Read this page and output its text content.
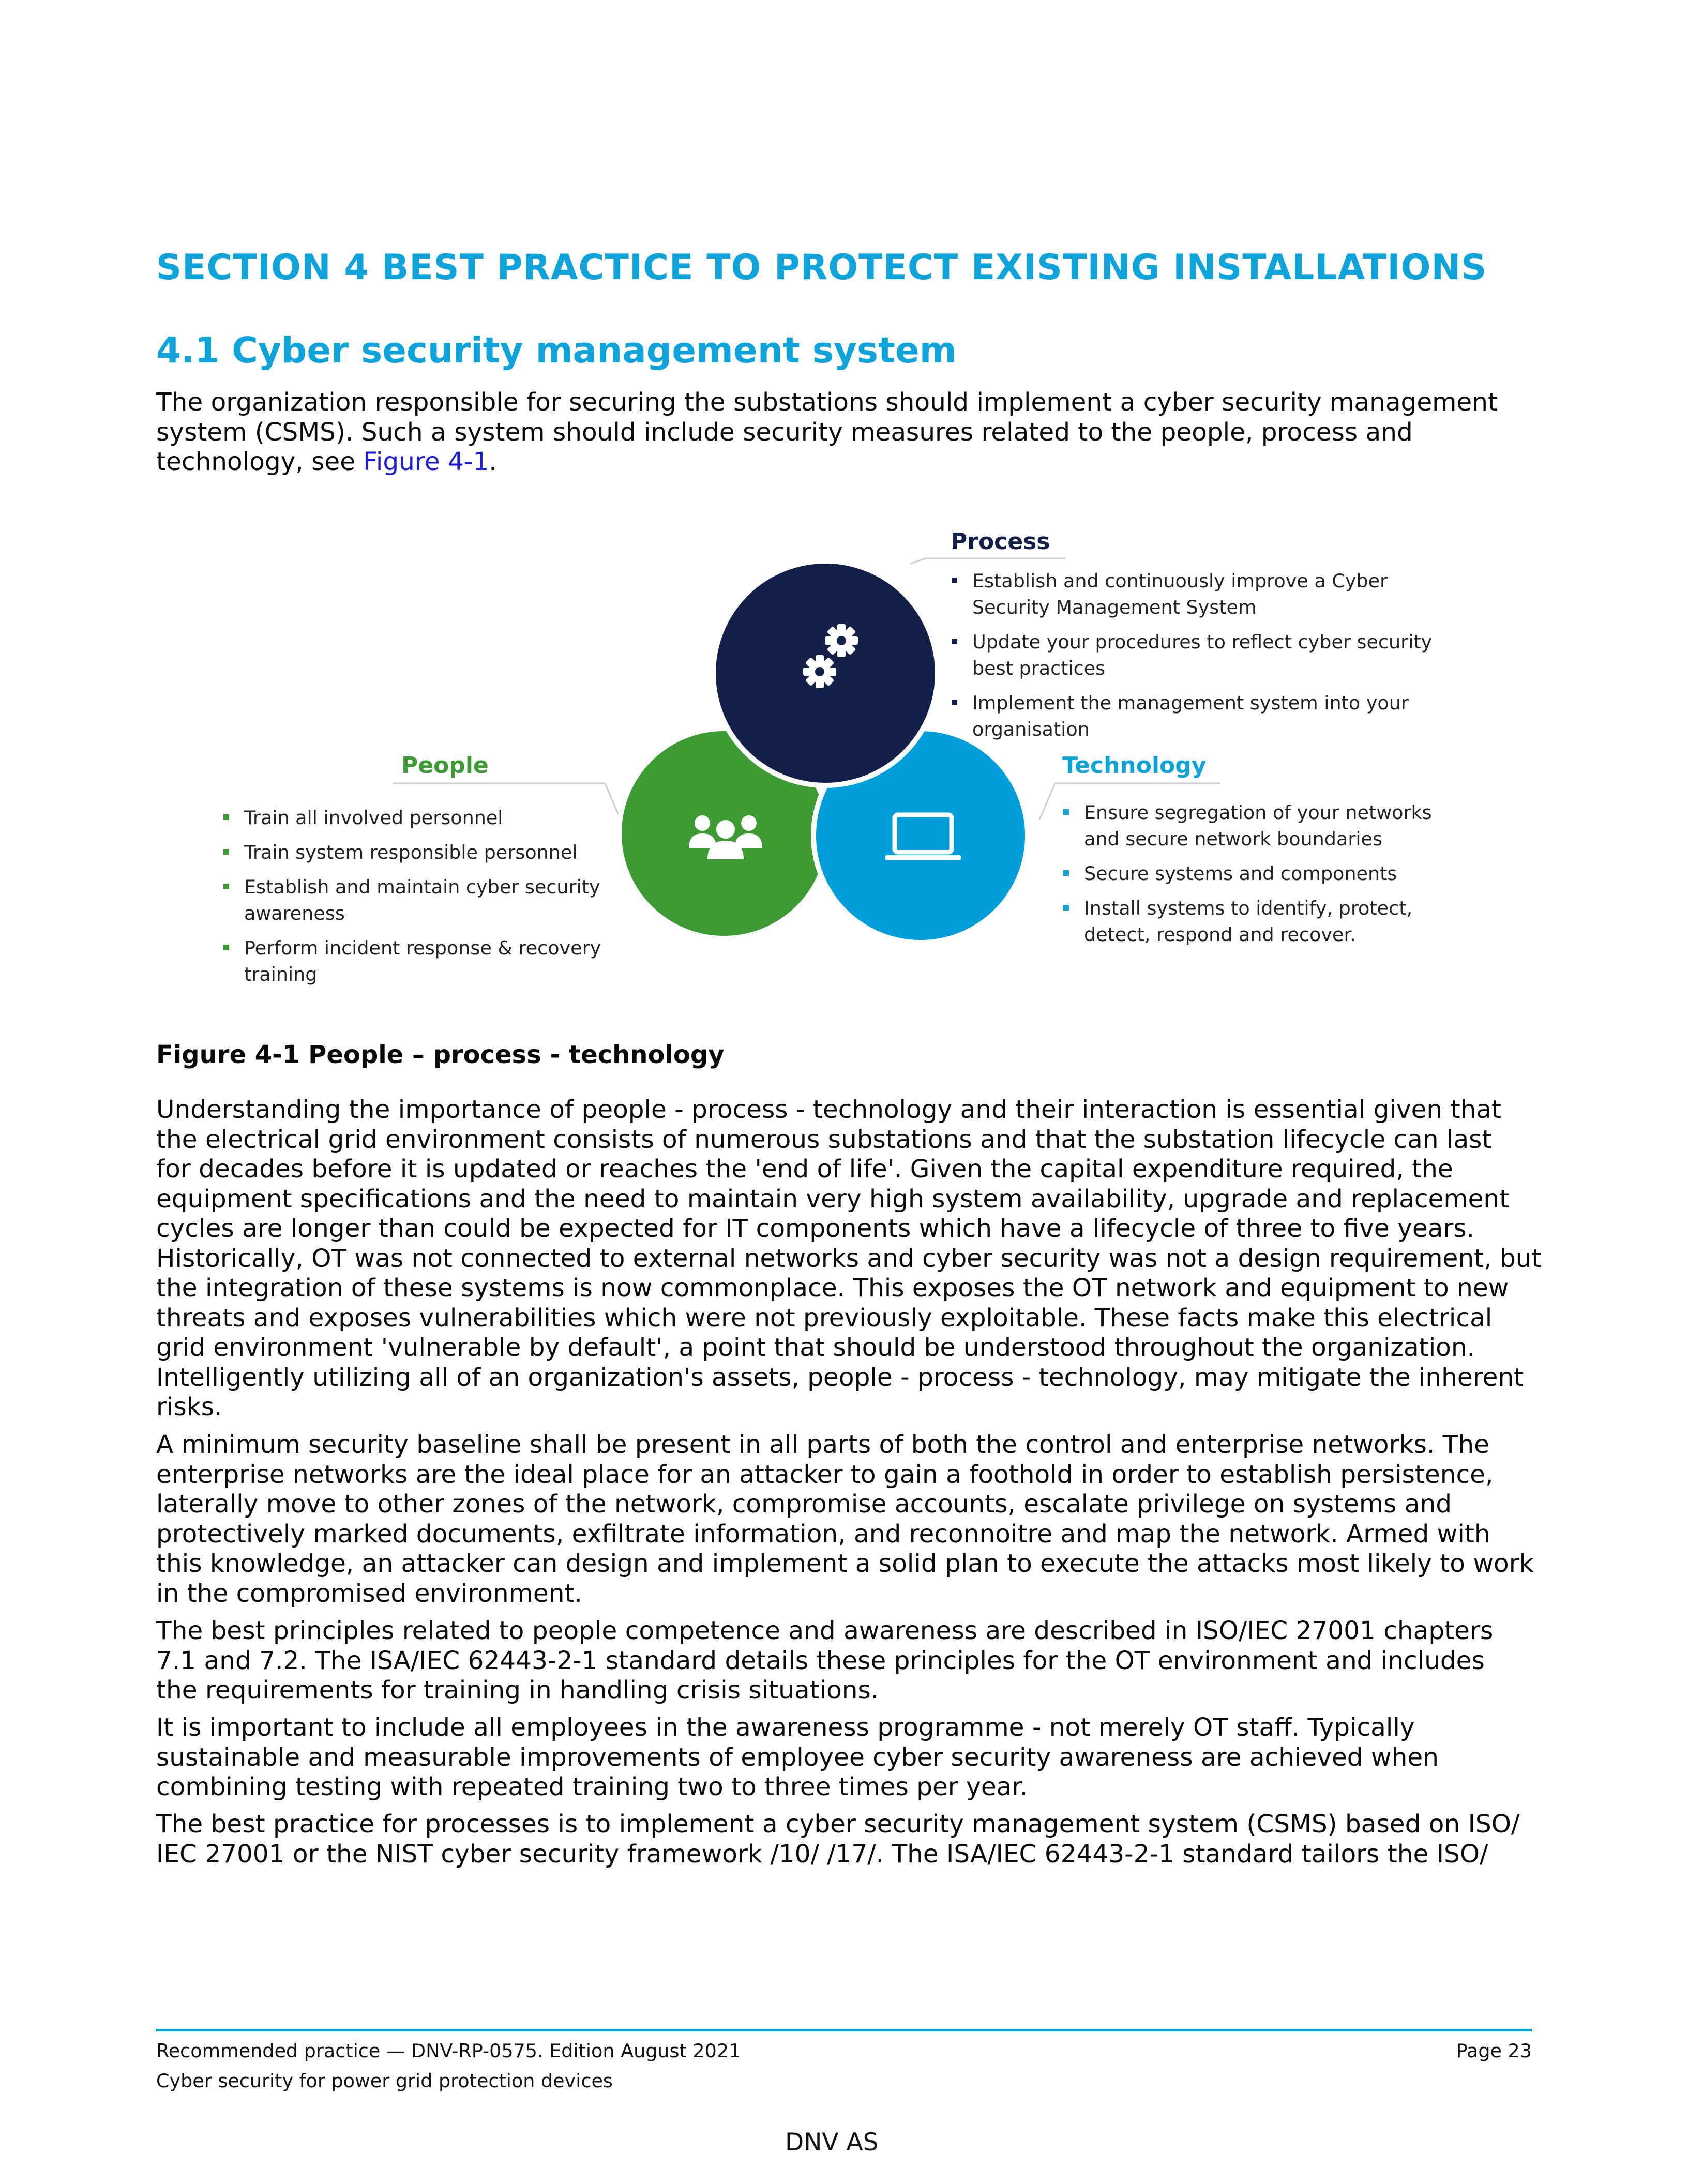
SECTION 4 BEST PRACTICE TO PROTECT EXISTING INSTALLATIONS
4.1 Cyber security management system
The organization responsible for securing the substations should implement a cyber security management
system (CSMS). Such a system should include security measures related to the people, process and
technology, see Figure 4-1.
Process
Establish and continuously improve a Cyber
Security Management System
Update your procedures to reflect cyber security
best practices
Implement the management system into your
organisation
People
Train all involved personnel
Train system responsible personnel
Establish and maintain cyber security
awareness
Perform incident response & recovery
training
Technology
Ensure segregation of your networks
and secure network boundaries
Secure systems and components
Install systems to identify, protect,
detect, respond and recover.
Figure 4-1 People – process - technology
Understanding the importance of people - process - technology and their interaction is essential given that
the electrical grid environment consists of numerous substations and that the substation lifecycle can last
for decades before it is updated or reaches the 'end of life'. Given the capital expenditure required, the
equipment specifications and the need to maintain very high system availability, upgrade and replacement
cycles are longer than could be expected for IT components which have a lifecycle of three to five years.
Historically, OT was not connected to external networks and cyber security was not a design requirement, but
the integration of these systems is now commonplace. This exposes the OT network and equipment to new
threats and exposes vulnerabilities which were not previously exploitable. These facts make this electrical
grid environment 'vulnerable by default', a point that should be understood throughout the organization.
Intelligently utilizing all of an organization's assets, people - process - technology, may mitigate the inherent
risks.
A minimum security baseline shall be present in all parts of both the control and enterprise networks. The
enterprise networks are the ideal place for an attacker to gain a foothold in order to establish persistence,
laterally move to other zones of the network, compromise accounts, escalate privilege on systems and
protectively marked documents, exfiltrate information, and reconnoitre and map the network. Armed with
this knowledge, an attacker can design and implement a solid plan to execute the attacks most likely to work
in the compromised environment.
The best principles related to people competence and awareness are described in ISO/IEC 27001 chapters
7.1 and 7.2. The ISA/IEC 62443-2-1 standard details these principles for the OT environment and includes
the requirements for training in handling crisis situations.
It is important to include all employees in the awareness programme - not merely OT staff. Typically
sustainable and measurable improvements of employee cyber security awareness are achieved when
combining testing with repeated training two to three times per year.
The best practice for processes is to implement a cyber security management system (CSMS) based on ISO/
IEC 27001 or the NIST cyber security framework /10/ /17/. The ISA/IEC 62443-2-1 standard tailors the ISO/

Recommended practice — DNV-RP-0575. Edition August 2021

Cyber security for power grid protection devices

Page 23

DNV AS
